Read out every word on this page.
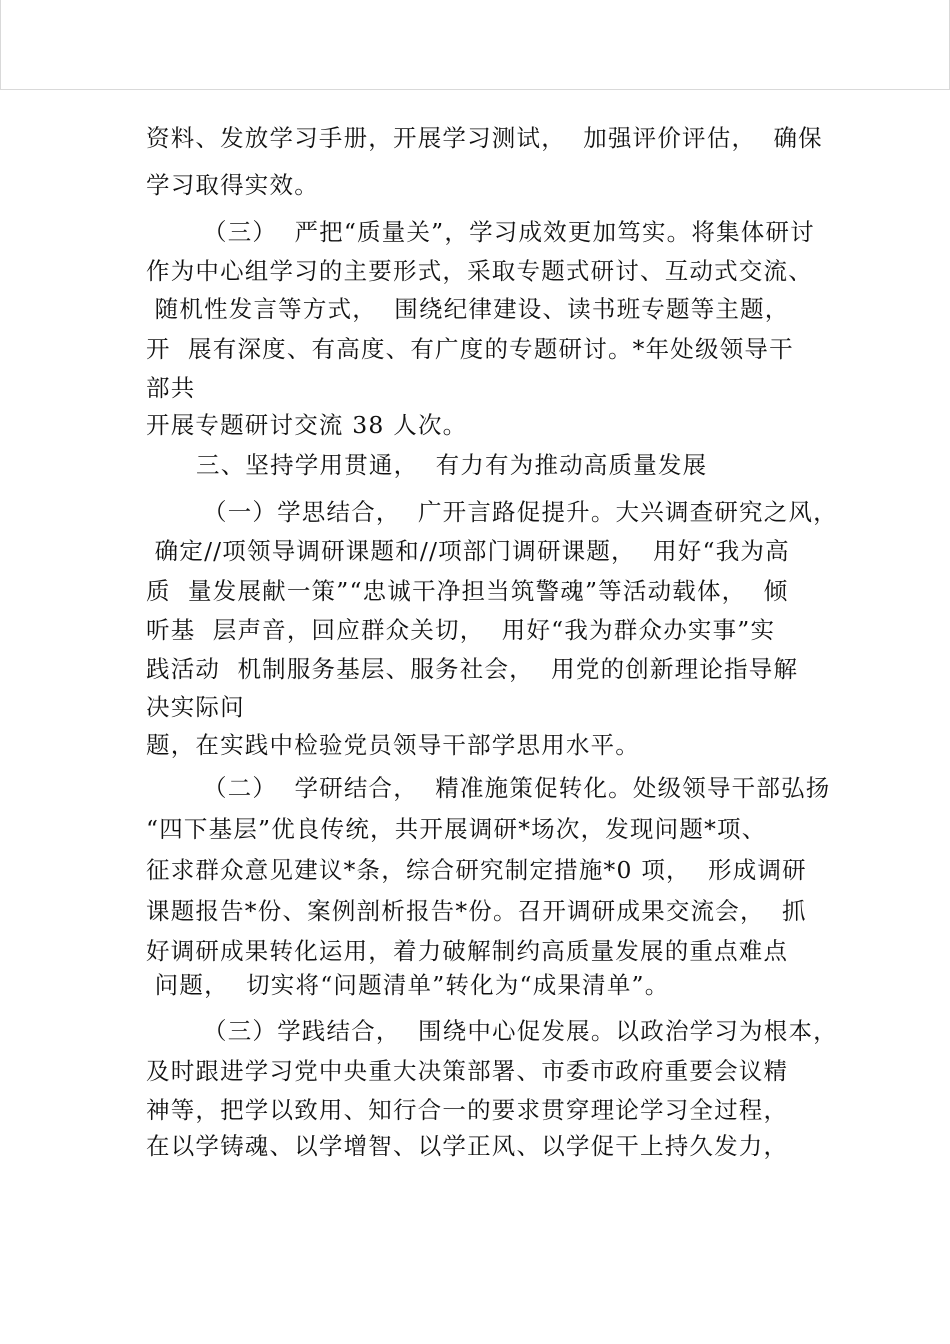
资料、发放学习手册，开展学习测试，  加强评价评估，  确保
学习取得实效。
（三）  严把“质量关”，学习成效更加笃实。将集体研讨
作为中心组学习的主要形式，采取专题式研讨、互动式交流、
随机性发言等方式，  围绕纪律建设、读书班专题等主题，
开  展有深度、有高度、有广度的专题研讨。*年处级领导干
部共
开展专题研讨交流 38 人次。
三、坚持学用贯通，  有力有为推动高质量发展
（一）学思结合，  广开言路促提升。大兴调查研究之风，
确定//项领导调研课题和//项部门调研课题，  用好“我为高
质  量发展献一策”“忠诚干净担当筑警魂”等活动载体，  倾
听基  层声音，回应群众关切，  用好“我为群众办实事”实
践活动  机制服务基层、服务社会，  用党的创新理论指导解
决实际问
题，在实践中检验党员领导干部学思用水平。
（二）  学研结合，  精准施策促转化。处级领导干部弘扬
“四下基层”优良传统，共开展调研*场次，发现问题*项、
征求群众意见建议*条，综合研究制定措施*0 项，  形成调研
课题报告*份、案例剖析报告*份。召开调研成果交流会，  抓
好调研成果转化运用，着力破解制约高质量发展的重点难点
问题，  切实将“问题清单”转化为“成果清单”。
（三）学践结合，  围绕中心促发展。以政治学习为根本，
及时跟进学习党中央重大决策部署、市委市政府重要会议精
神等，把学以致用、知行合一的要求贯穿理论学习全过程，
在以学铸魂、以学增智、以学正风、以学促干上持久发力，
